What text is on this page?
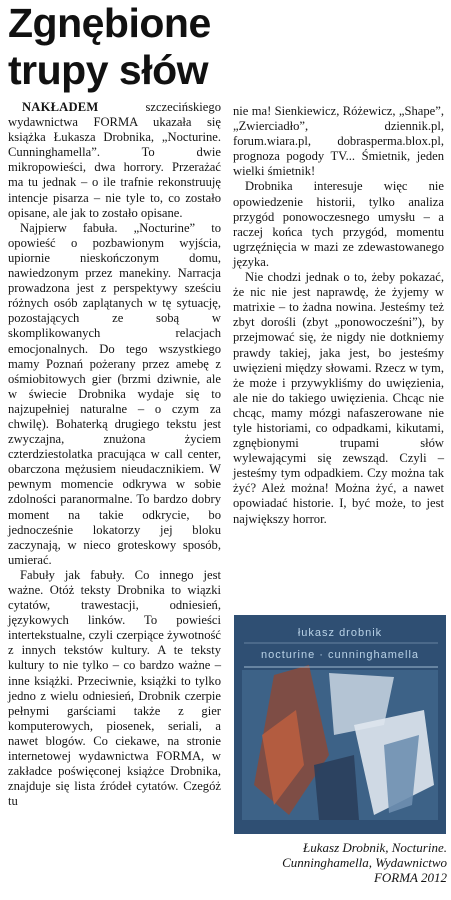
Zgnębione
trupy słów

NAKŁADEM szczecińskiego wydawnictwa FORMA ukazała się książka Łukasza Drobnika, „Nocturine. Cunninghamella”. To dwie mikropowieści, dwa horrory. Przerażać ma tu jednak – o ile trafnie rekonstruuję intencje pisarza – nie tyle to, co zostało opisane, ale jak to zostało opisane.

Najpierw fabuła. „Nocturine” to opowieść o pozbawionym wyjścia, upiornie nieskończonym domu, nawiedzonym przez manekiny. Narracja prowadzona jest z perspektywy sześciu różnych osób zaplątanych w tę sytuację, pozostających ze sobą w skomplikowanych relacjach emocjonalnych. Do tego wszystkiego mamy Poznań pożerany przez amebę z ośmiobitowych gier (brzmi dziwnie, ale w świecie Drobnika wydaje się to najzupełniej naturalne – o czym za chwilę). Bohaterką drugiego tekstu jest zwyczajna, znużona życiem czterdziestolatka pracująca w call center, obarczona mężusiem nieudacznikiem. W pewnym momencie odkrywa w sobie zdolności paranormalne. To bardzo dobry moment na takie odkrycie, bo jednocześnie lokatorzy jej bloku zaczynają, w nieco groteskowy sposób, umierać.

Fabuły jak fabuły. Co innego jest ważne. Otóż teksty Drobnika to wiązki cytatów, trawestacji, odniesień, językowych linków. To powieści intertekstualne, czyli czerpiące żywotność z innych tekstów kultury. A te teksty kultury to nie tylko – co bardzo ważne – inne książki. Przeciwnie, książki to tylko jedno z wielu odniesień, Drobnik czerpie pełnymi garściami także z gier komputerowych, piosenek, seriali, a nawet blogów. Co ciekawe, na stronie internetowej wydawnictwa FORMA, w zakładce poświęconej książce Drobnika, znajduje się lista źródeł cytatów. Czegóż tu

nie ma! Sienkiewicz, Różewicz, „Shape”, „Zwierciadło”, dziennik.pl, forum.wiara.pl, dobrasperma.blox.pl, prognoza pogody TV... Śmietnik, jeden wielki śmietnik!

Drobnika interesuje więc nie opowiedzenie historii, tylko analiza przygód ponowoczesnego umysłu – a raczej końca tych przygód, momentu ugrzęźnięcia w mazi ze zdewastowanego języka.

Nie chodzi jednak o to, żeby pokazać, że nic nie jest naprawdę, że żyjemy w matrixie – to żadna nowina. Jesteśmy też zbyt dorośli (zbyt „ponowocześni”), by przejmować się, że nigdy nie dotkniemy prawdy takiej, jaka jest, bo jesteśmy uwięzieni między słowami. Rzecz w tym, że może i przywykliśmy do uwięzienia, ale nie do takiego uwięzienia. Chcąc nie chcąc, mamy mózgi nafaszerowane nie tyle historiami, co odpadkami, kikutami, zgnębionymi trupami słów wylewającymi się zewsząd. Czyli – jesteśmy tym odpadkiem. Czy można tak żyć? Ależ można! Można żyć, a nawet opowiadać historie. I, być może, to jest największy horror.

łukasz drobnik
nocturine · cunninghamella

Łukasz Drobnik, Nocturine. Cunninghamella, Wydawnictwo FORMA 2012
